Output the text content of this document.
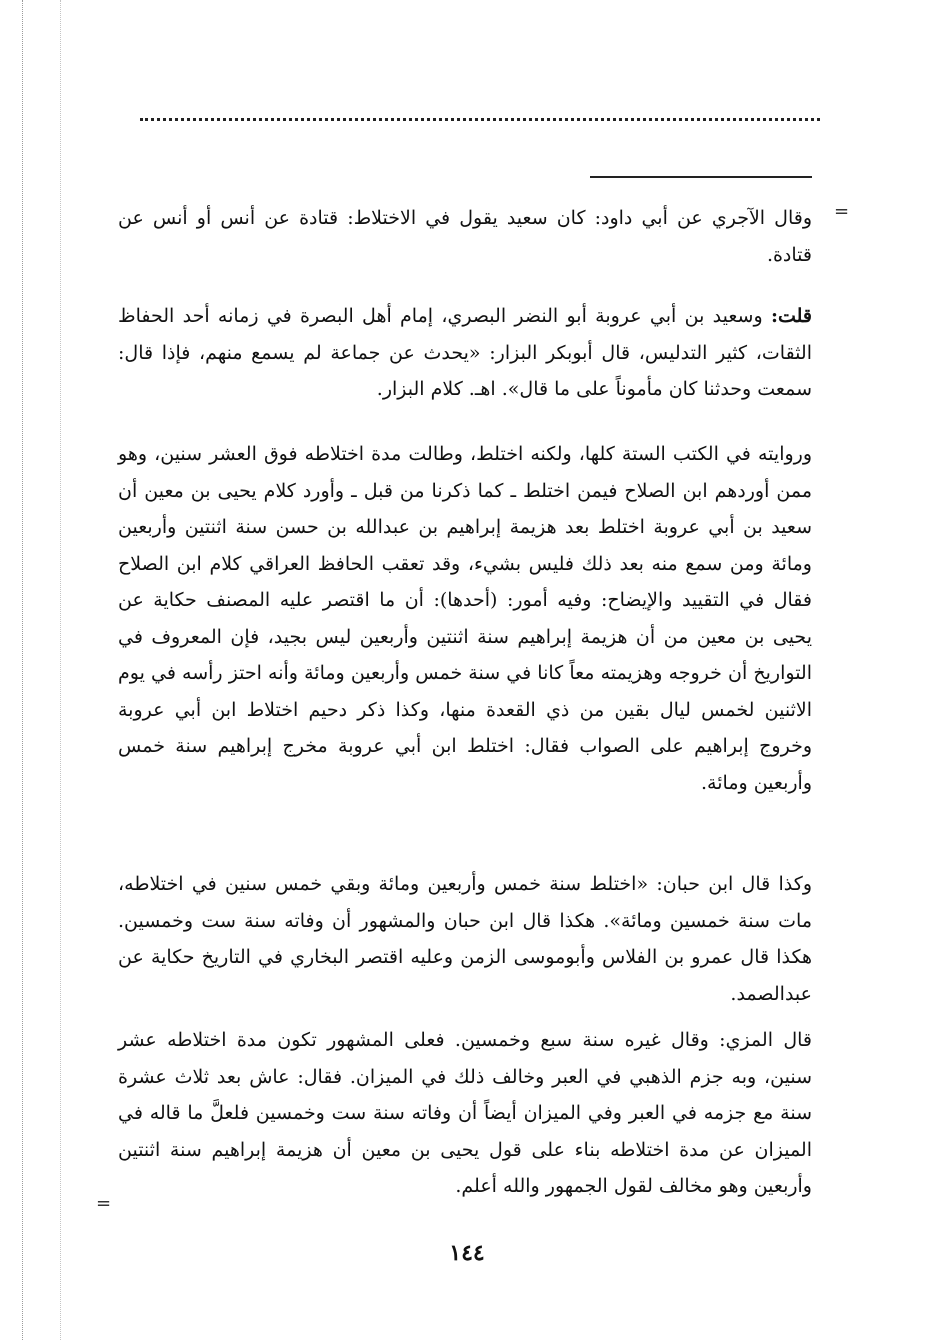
=

وقال الآجري عن أبي داود: كان سعيد يقول في الاختلاط: قتادة عن أنس أو أنس عن قتادة.

قلت: وسعيد بن أبي عروبة أبو النضر البصري، إمام أهل البصرة في زمانه أحد الحفاظ الثقات، كثير التدليس، قال أبوبكر البزار: «يحدث عن جماعة لم يسمع منهم، فإذا قال: سمعت وحدثنا كان مأموناً على ما قال». اهـ. كلام البزار.

وروايته في الكتب الستة كلها، ولكنه اختلط، وطالت مدة اختلاطه فوق العشر سنين، وهو ممن أوردهم ابن الصلاح فيمن اختلط ـ كما ذكرنا من قبل ـ وأورد كلام يحيى بن معين أن سعيد بن أبي عروبة اختلط بعد هزيمة إبراهيم بن عبدالله بن حسن سنة اثنتين وأربعين ومائة ومن سمع منه بعد ذلك فليس بشيء، وقد تعقب الحافظ العراقي كلام ابن الصلاح فقال في التقييد والإيضاح: وفيه أمور: (أحدها): أن ما اقتصر عليه المصنف حكاية عن يحيى بن معين من أن هزيمة إبراهيم سنة اثنتين وأربعين ليس بجيد، فإن المعروف في التواريخ أن خروجه وهزيمته معاً كانا في سنة خمس وأربعين ومائة وأنه احتز رأسه في يوم الاثنين لخمس ليال بقين من ذي القعدة منها، وكذا ذكر دحيم اختلاط ابن أبي عروبة وخروج إبراهيم على الصواب فقال: اختلط ابن أبي عروبة مخرج إبراهيم سنة خمس وأربعين ومائة.

وكذا قال ابن حبان: «اختلط سنة خمس وأربعين ومائة وبقي خمس سنين في اختلاطه، مات سنة خمسين ومائة». هكذا قال ابن حبان والمشهور أن وفاته سنة ست وخمسين. هكذا قال عمرو بن الفلاس وأبوموسى الزمن وعليه اقتصر البخاري في التاريخ حكاية عن عبدالصمد.

قال المزي: وقال غيره سنة سبع وخمسين. فعلى المشهور تكون مدة اختلاطه عشر سنين، وبه جزم الذهبي في العبر وخالف ذلك في الميزان. فقال: عاش بعد ثلاث عشرة سنة مع جزمه في العبر وفي الميزان أيضاً أن وفاته سنة ست وخمسين فلعلَّ ما قاله في الميزان عن مدة اختلاطه بناء على قول يحيى بن معين أن هزيمة إبراهيم سنة اثنتين وأربعين وهو مخالف لقول الجمهور والله أعلم.

=
١٤٤
